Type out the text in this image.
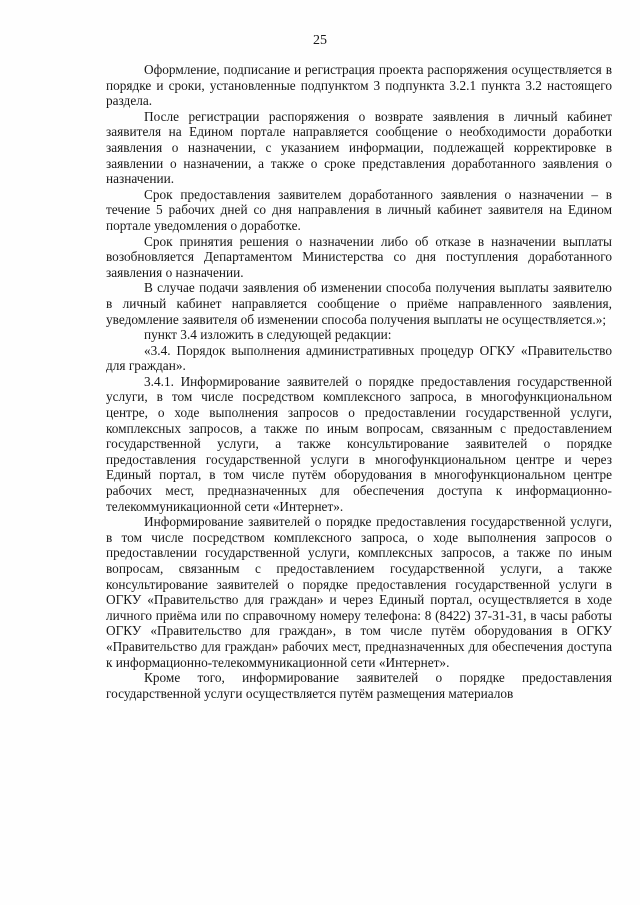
25

Оформление, подписание и регистрация проекта распоряжения осуществляется в порядке и сроки, установленные подпунктом 3 подпункта 3.2.1 пункта 3.2 настоящего раздела.

После регистрации распоряжения о возврате заявления в личный кабинет заявителя на Едином портале направляется сообщение о необходимости доработки заявления о назначении, с указанием информации, подлежащей корректировке в заявлении о назначении, а также о сроке представления доработанного заявления о назначении.

Срок предоставления заявителем доработанного заявления о назначении – в течение 5 рабочих дней со дня направления в личный кабинет заявителя на Едином портале уведомления о доработке.

Срок принятия решения о назначении либо об отказе в назначении выплаты возобновляется Департаментом Министерства со дня поступления доработанного заявления о назначении.

В случае подачи заявления об изменении способа получения выплаты заявителю в личный кабинет направляется сообщение о приёме направленного заявления, уведомление заявителя об изменении способа получения выплаты не осуществляется.»;

пункт 3.4 изложить в следующей редакции:

«3.4. Порядок выполнения административных процедур ОГКУ «Правительство для граждан».

3.4.1. Информирование заявителей о порядке предоставления государственной услуги, в том числе посредством комплексного запроса, в многофункциональном центре, о ходе выполнения запросов о предоставлении государственной услуги, комплексных запросов, а также по иным вопросам, связанным с предоставлением государственной услуги, а также консультирование заявителей о порядке предоставления государственной услуги в многофункциональном центре и через Единый портал, в том числе путём оборудования в многофункциональном центре рабочих мест, предназначенных для обеспечения доступа к информационно-телекоммуникационной сети «Интернет».

Информирование заявителей о порядке предоставления государственной услуги, в том числе посредством комплексного запроса, о ходе выполнения запросов о предоставлении государственной услуги, комплексных запросов, а также по иным вопросам, связанным с предоставлением государственной услуги, а также консультирование заявителей о порядке предоставления государственной услуги в ОГКУ «Правительство для граждан» и через Единый портал, осуществляется в ходе личного приёма или по справочному номеру телефона: 8 (8422) 37-31-31, в часы работы ОГКУ «Правительство для граждан», в том числе путём оборудования в ОГКУ «Правительство для граждан» рабочих мест, предназначенных для обеспечения доступа к информационно-телекоммуникационной сети «Интернет».

Кроме того, информирование заявителей о порядке предоставления государственной услуги осуществляется путём размещения материалов
